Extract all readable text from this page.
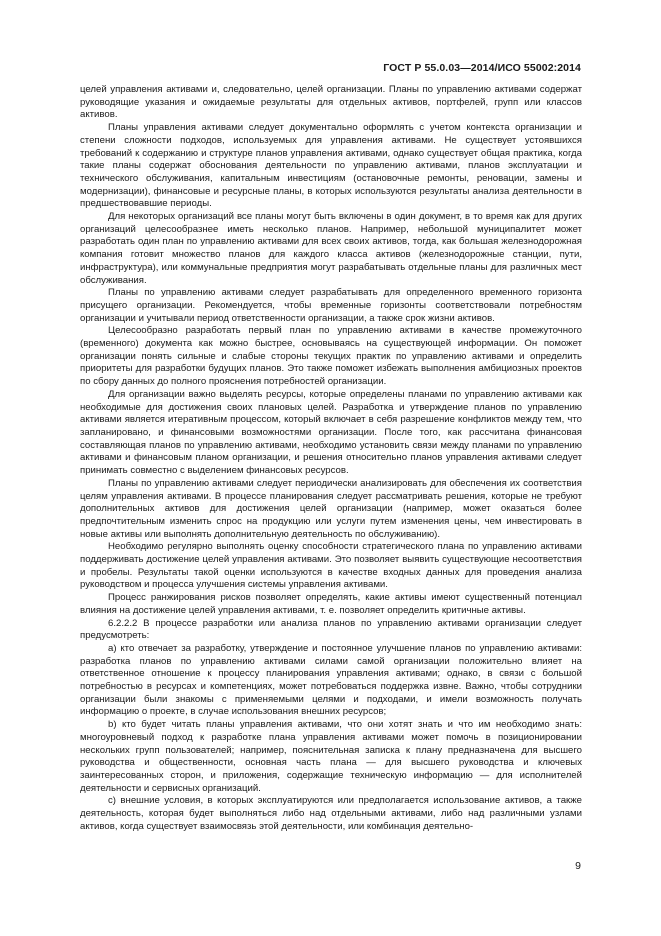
ГОСТ Р 55.0.03—2014/ИСО 55002:2014

целей управления активами и, следовательно, целей организации. Планы по управлению активами содержат руководящие указания и ожидаемые результаты для отдельных активов, портфелей, групп или классов активов.

Планы управления активами следует документально оформлять с учетом контекста организации и степени сложности подходов, используемых для управления активами. Не существует устоявшихся требований к содержанию и структуре планов управления активами, однако существует общая практика, когда такие планы содержат обоснования деятельности по управлению активами, планов эксплуатации и технического обслуживания, капитальным инвестициям (остановочные ремонты, реновации, замены и модернизации), финансовые и ресурсные планы, в которых используются результаты анализа деятельности в предшествовавшие периоды.

Для некоторых организаций все планы могут быть включены в один документ, в то время как для других организаций целесообразнее иметь несколько планов. Например, небольшой муниципалитет может разработать один план по управлению активами для всех своих активов, тогда, как большая железнодорожная компания готовит множество планов для каждого класса активов (железнодорожные станции, пути, инфраструктура), или коммунальные предприятия могут разрабатывать отдельные планы для различных мест обслуживания.

Планы по управлению активами следует разрабатывать для определенного временного горизонта присущего организации. Рекомендуется, чтобы временные горизонты соответствовали потребностям организации и учитывали период ответственности организации, а также срок жизни активов.

Целесообразно разработать первый план по управлению активами в качестве промежуточного (временного) документа как можно быстрее, основываясь на существующей информации. Он поможет организации понять сильные и слабые стороны текущих практик по управлению активами и определить приоритеты для разработки будущих планов. Это также поможет избежать выполнения амбициозных проектов по сбору данных до полного прояснения потребностей организации.

Для организации важно выделять ресурсы, которые определены планами по управлению активами как необходимые для достижения своих плановых целей. Разработка и утверждение планов по управлению активами является итеративным процессом, который включает в себя разрешение конфликтов между тем, что запланировано, и финансовыми возможностями организации. После того, как рассчитана финансовая составляющая планов по управлению активами, необходимо установить связи между планами по управлению активами и финансовым планом организации, и решения относительно планов управления активами следует принимать совместно с выделением финансовых ресурсов.

Планы по управлению активами следует периодически анализировать для обеспечения их соответствия целям управления активами. В процессе планирования следует рассматривать решения, которые не требуют дополнительных активов для достижения целей организации (например, может оказаться более предпочтительным изменить спрос на продукцию или услуги путем изменения цены, чем инвестировать в новые активы или выполнять дополнительную деятельность по обслуживанию).

Необходимо регулярно выполнять оценку способности стратегического плана по управлению активами поддерживать достижение целей управления активами. Это позволяет выявить существующие несоответствия и пробелы. Результаты такой оценки используются в качестве входных данных для проведения анализа руководством и процесса улучшения системы управления активами.

Процесс ранжирования рисков позволяет определять, какие активы имеют существенный потенциал влияния на достижение целей управления активами, т. е. позволяет определить критичные активы.

6.2.2.2 В процессе разработки или анализа планов по управлению активами организации следует предусмотреть:

a) кто отвечает за разработку, утверждение и постоянное улучшение планов по управлению активами: разработка планов по управлению активами силами самой организации положительно влияет на ответственное отношение к процессу планирования управления активами; однако, в связи с большой потребностью в ресурсах и компетенциях, может потребоваться поддержка извне. Важно, чтобы сотрудники организации были знакомы с применяемыми целями и подходами, и имели возможность получать информацию о проекте, в случае использования внешних ресурсов;

b) кто будет читать планы управления активами, что они хотят знать и что им необходимо знать: многоуровневый подход к разработке плана управления активами может помочь в позиционировании нескольких групп пользователей; например, пояснительная записка к плану предназначена для высшего руководства и общественности, основная часть плана — для высшего руководства и ключевых заинтересованных сторон, и приложения, содержащие техническую информацию — для исполнителей деятельности и сервисных организаций.

c) внешние условия, в которых эксплуатируются или предполагается использование активов, а также деятельность, которая будет выполняться либо над отдельными активами, либо над различными узлами активов, когда существует взаимосвязь этой деятельности, или комбинация деятельно-

9
